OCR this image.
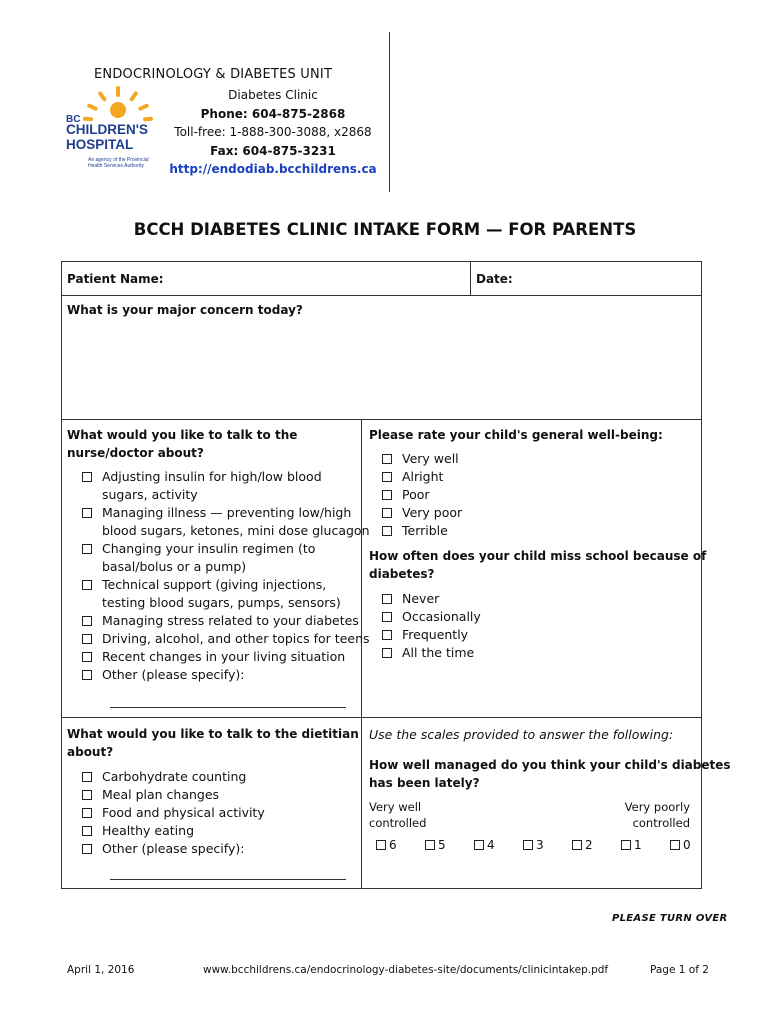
ENDOCRINOLOGY & DIABETES UNIT
BC
CHILDREN'S
HOSPITAL
An agency of the Provincial
Health Services Authority
Diabetes Clinic
Phone: 604-875-2868
Toll-free: 1-888-300-3088, x2868
Fax: 604-875-3231
http://endodiab.bcchildrens.ca
BCCH DIABETES CLINIC INTAKE FORM — FOR PARENTS
Patient Name:	Date:
What is your major concern today?
What would you like to talk to the
nurse/doctor about?
Adjusting insulin for high/low blood
sugars, activity
Managing illness — preventing low/high
blood sugars, ketones, mini dose glucagon
Changing your insulin regimen (to
basal/bolus or a pump)
Technical support (giving injections,
testing blood sugars, pumps, sensors)
Managing stress related to your diabetes
Driving, alcohol, and other topics for teens
Recent changes in your living situation
Other (please specify):
Please rate your child's general well-being:
Very well
Alright
Poor
Very poor
Terrible
How often does your child miss school because of
diabetes?
Never
Occasionally
Frequently
All the time
What would you like to talk to the dietitian
about?
Carbohydrate counting
Meal plan changes
Food and physical activity
Healthy eating
Other (please specify):
Use the scales provided to answer the following:
How well managed do you think your child's diabetes
has been lately?
Very well
controlled
Very poorly
controlled
6	5	4	3	2	1	0
PLEASE TURN OVER
April 1, 2016	www.bcchildrens.ca/endocrinology-diabetes-site/documents/clinicintakep.pdf	Page 1 of 2
